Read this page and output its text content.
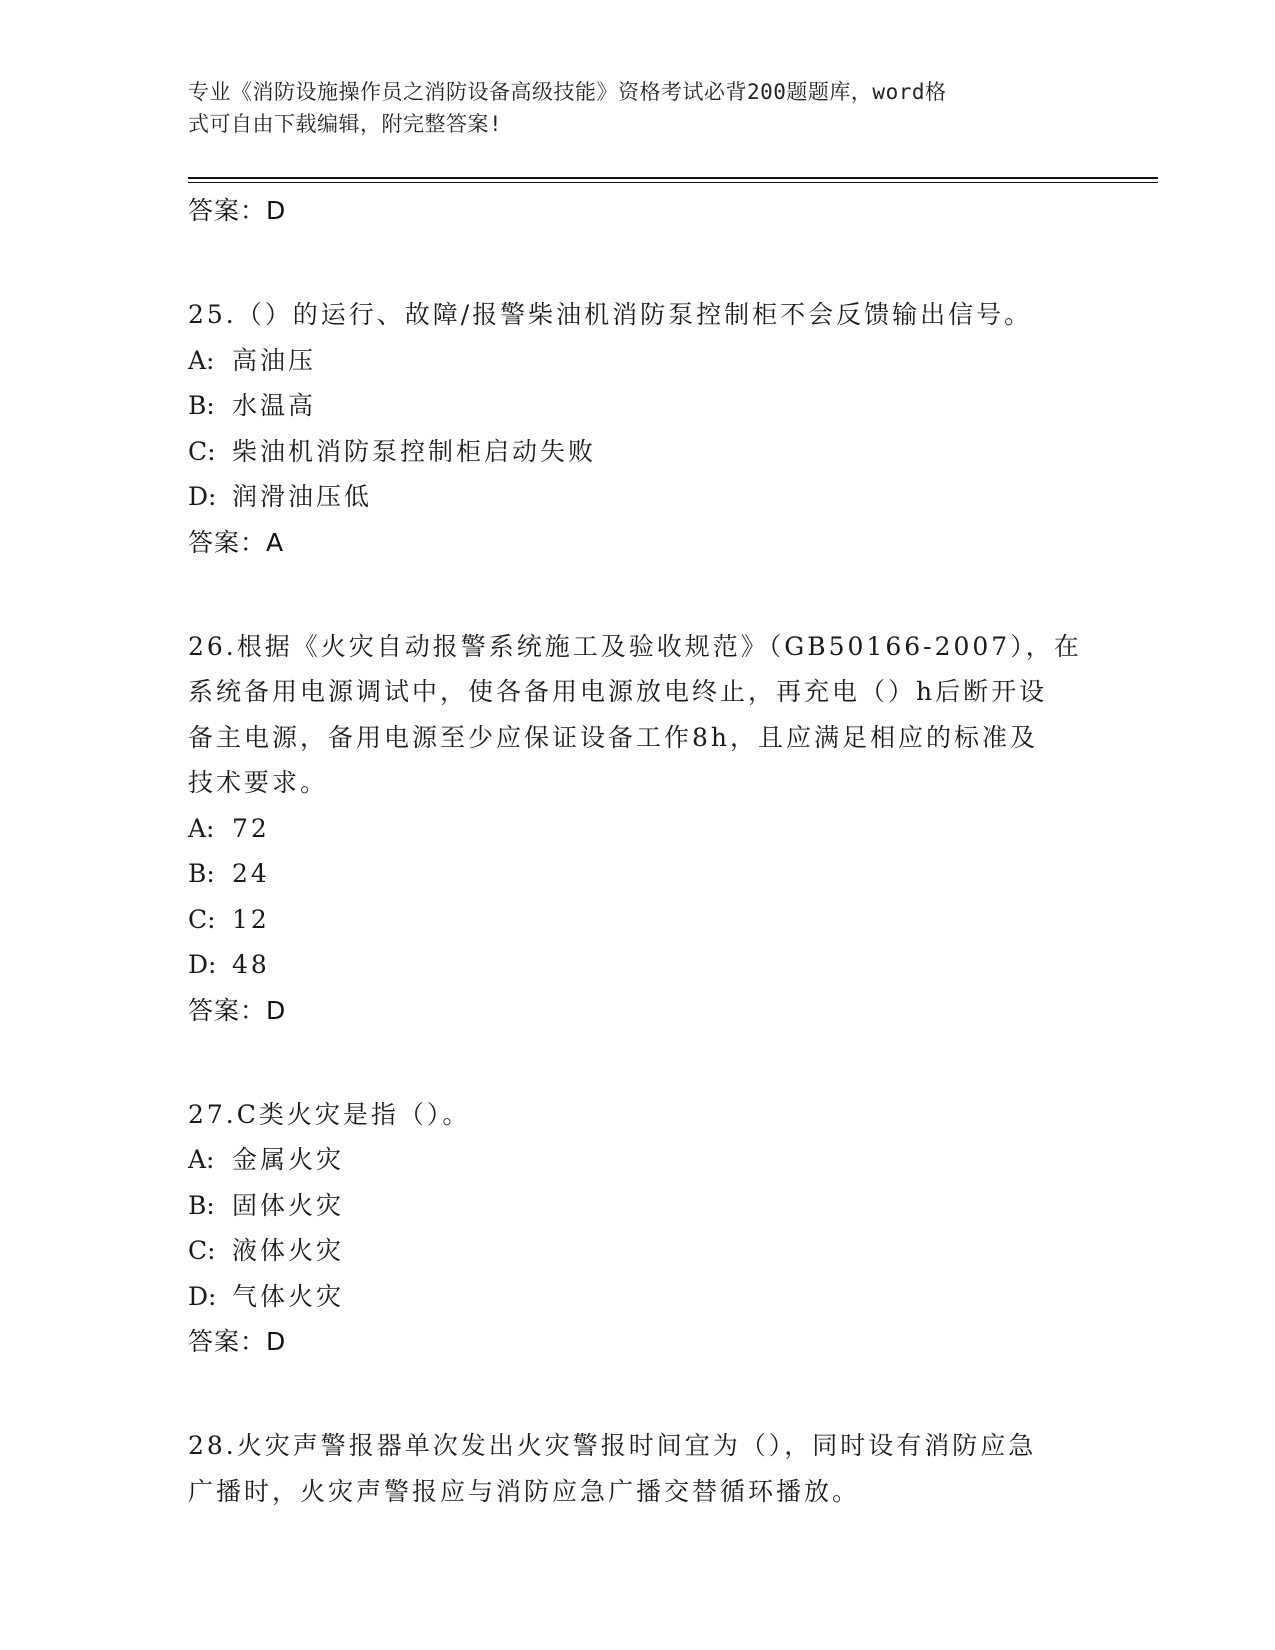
专业《消防设施操作员之消防设备高级技能》资格考试必背200题题库，word格
式可自由下载编辑，附完整答案!
答案：D
25.（）的运行、故障/报警柴油机消防泵控制柜不会反馈输出信号。
A: 高油压
B: 水温高
C: 柴油机消防泵控制柜启动失败
D: 润滑油压低
答案：A
26.根据《火灾自动报警系统施工及验收规范》（GB50166-2007），在
系统备用电源调试中，使各备用电源放电终止，再充电（）h后断开设
备主电源，备用电源至少应保证设备工作8h，且应满足相应的标准及
技术要求。
A: 72
B: 24
C: 12
D: 48
答案：D
27.C类火灾是指（）。
A: 金属火灾
B: 固体火灾
C: 液体火灾
D: 气体火灾
答案：D
28.火灾声警报器单次发出火灾警报时间宜为（），同时设有消防应急
广播时，火灾声警报应与消防应急广播交替循环播放。
